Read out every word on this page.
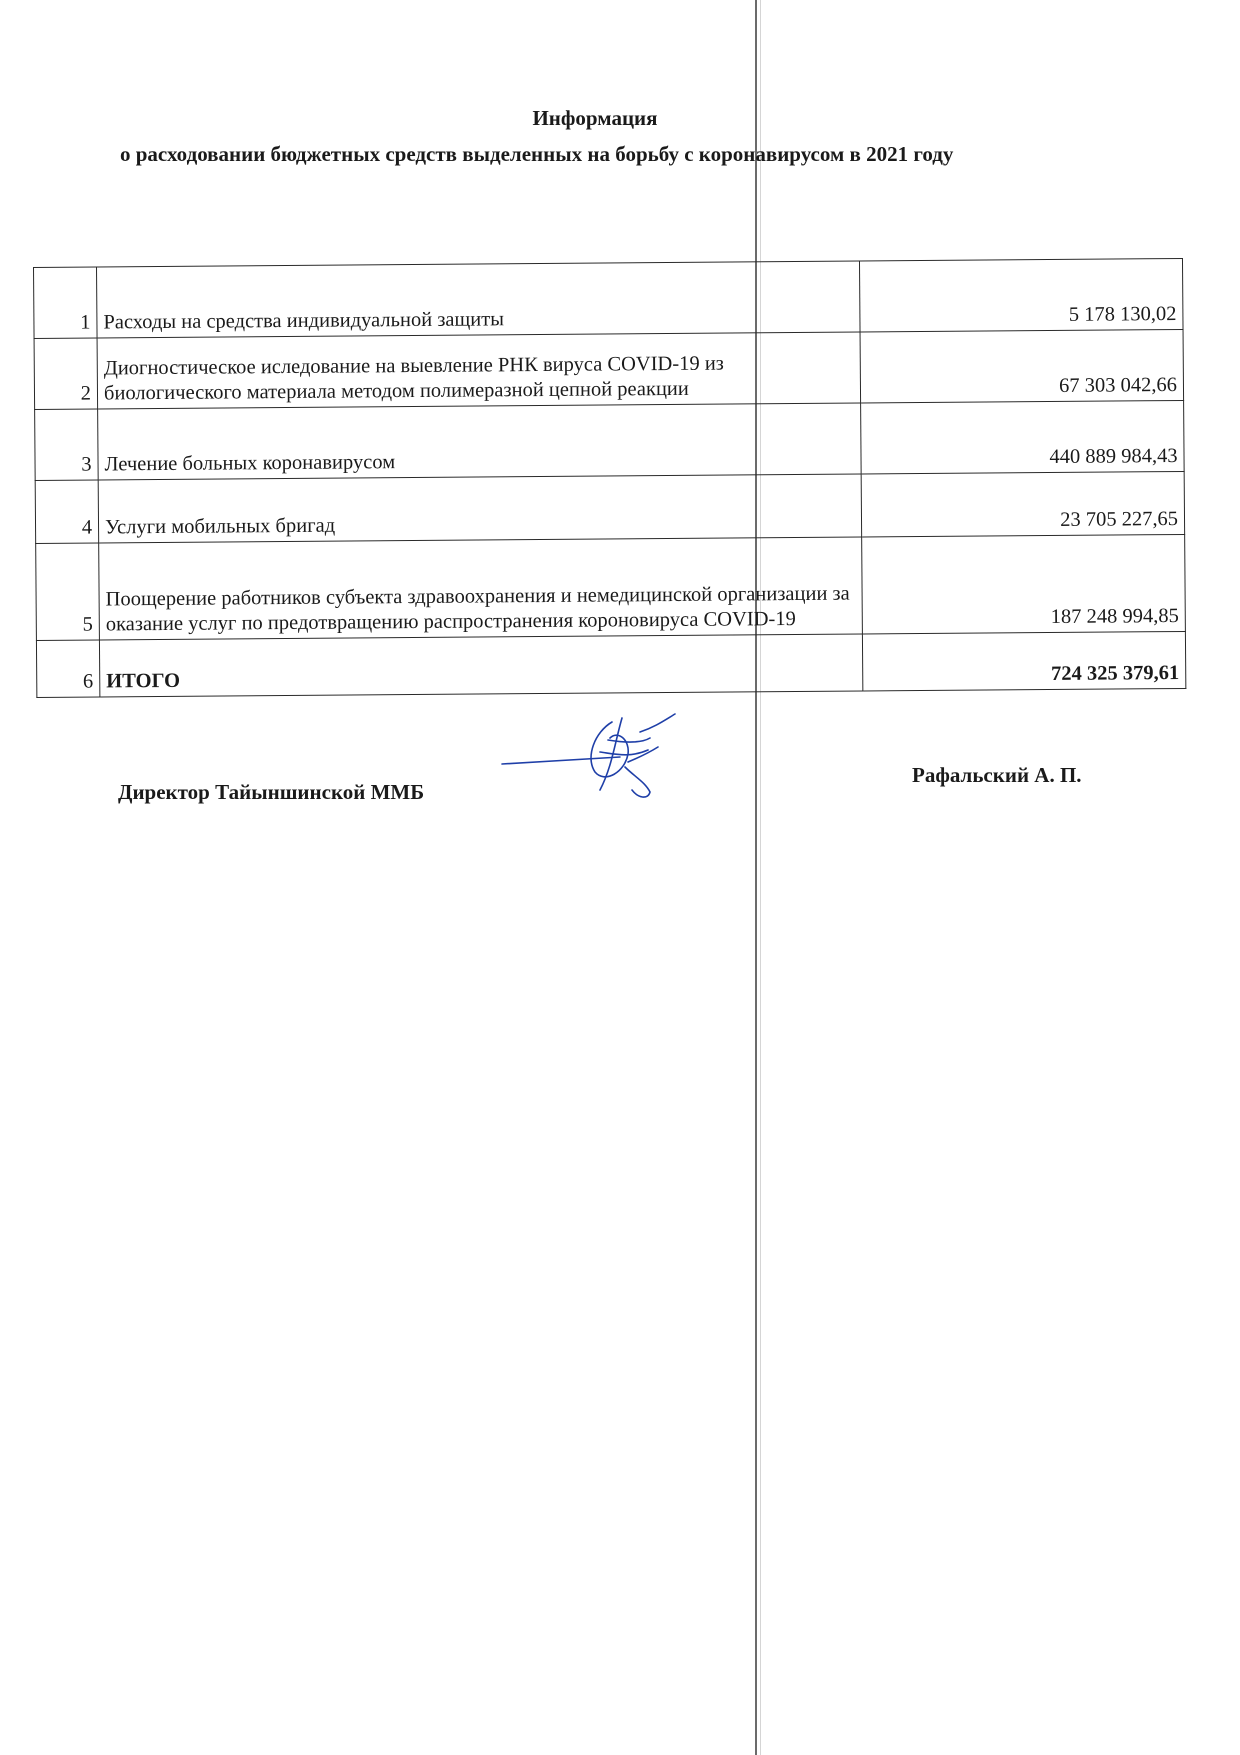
Информация
о расходовании бюджетных средств выделенных на борьбу с коронавирусом в 2021 году
1	Расходы на средства индивидуальной защиты	5 178 130,02
2	Диогностическое иследование на выевление РНК вируса COVID-19 из биологического материала методом полимеразной цепной реакции	67 303 042,66
3	Лечение больных коронавирусом	440 889 984,43
4	Услуги мобильных бригад	23 705 227,65
5	Поощерение работников субъекта здравоохранения и немедицинской организации за оказание услуг по предотвращению распространения короновируса COVID-19	187 248 994,85
6	ИТОГО	724 325 379,61
Директор Тайыншинской ММБ
Рафальский А. П.
